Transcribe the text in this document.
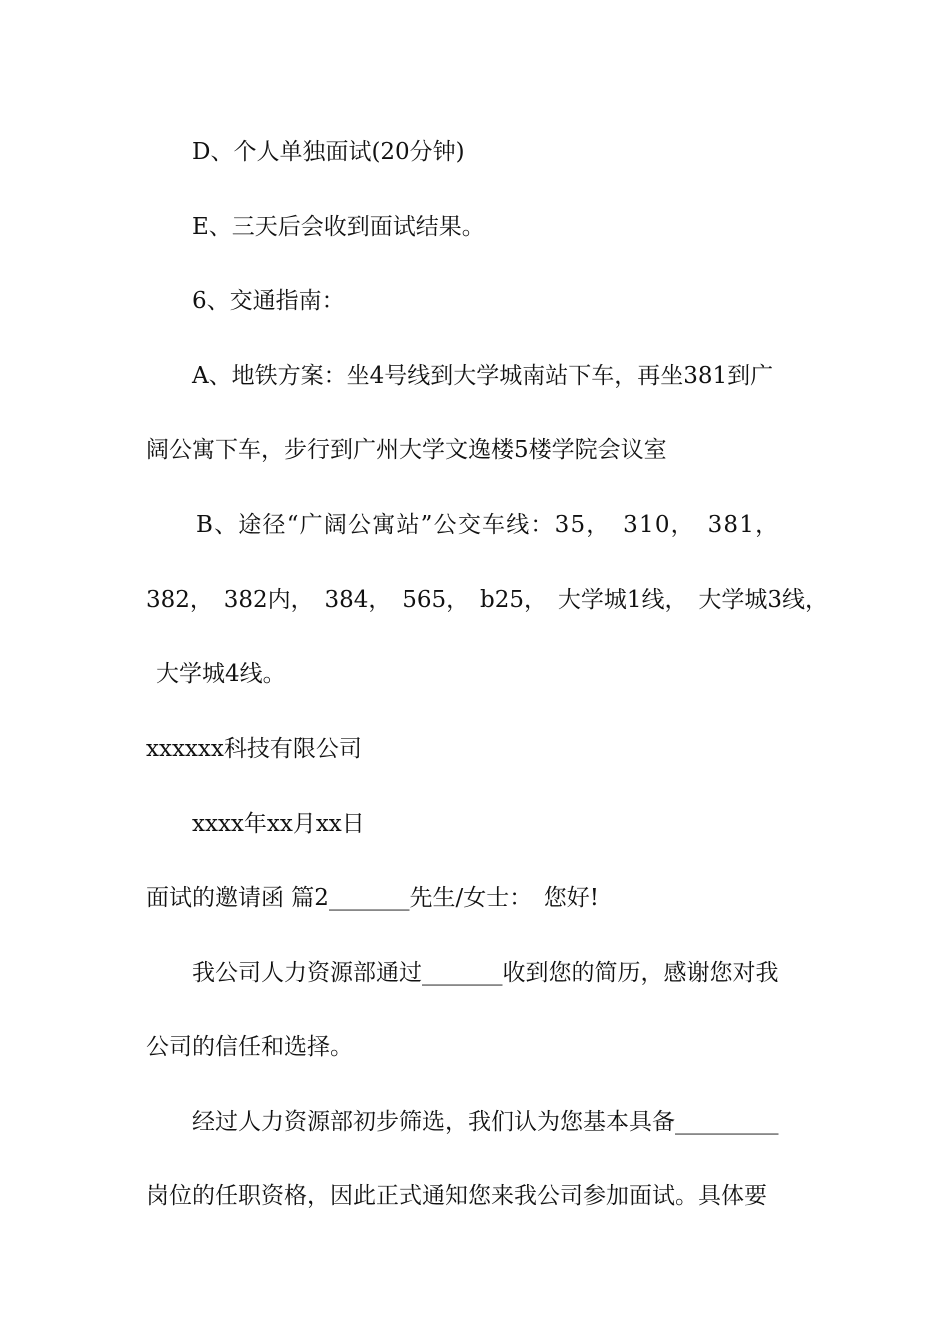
D、个人单独面试(20分钟)

E、三天后会收到面试结果。

6、交通指南：

A、地铁方案：坐4号线到大学城南站下车，再坐381到广

阔公寓下车，步行到广州大学文逸楼5楼学院会议室

B、途径“广阔公寓站”公交车线：35，　310，　381，

382， 382内， 384， 565， b25， 大学城1线， 大学城3线，

大学城4线。

xxxxxx科技有限公司

xxxx年xx月xx日

面试的邀请函 篇2_______先生/女士：　您好!

我公司人力资源部通过_______收到您的简历，感谢您对我

公司的信任和选择。

经过人力资源部初步筛选，我们认为您基本具备_________

岗位的任职资格，因此正式通知您来我公司参加面试。具体要
